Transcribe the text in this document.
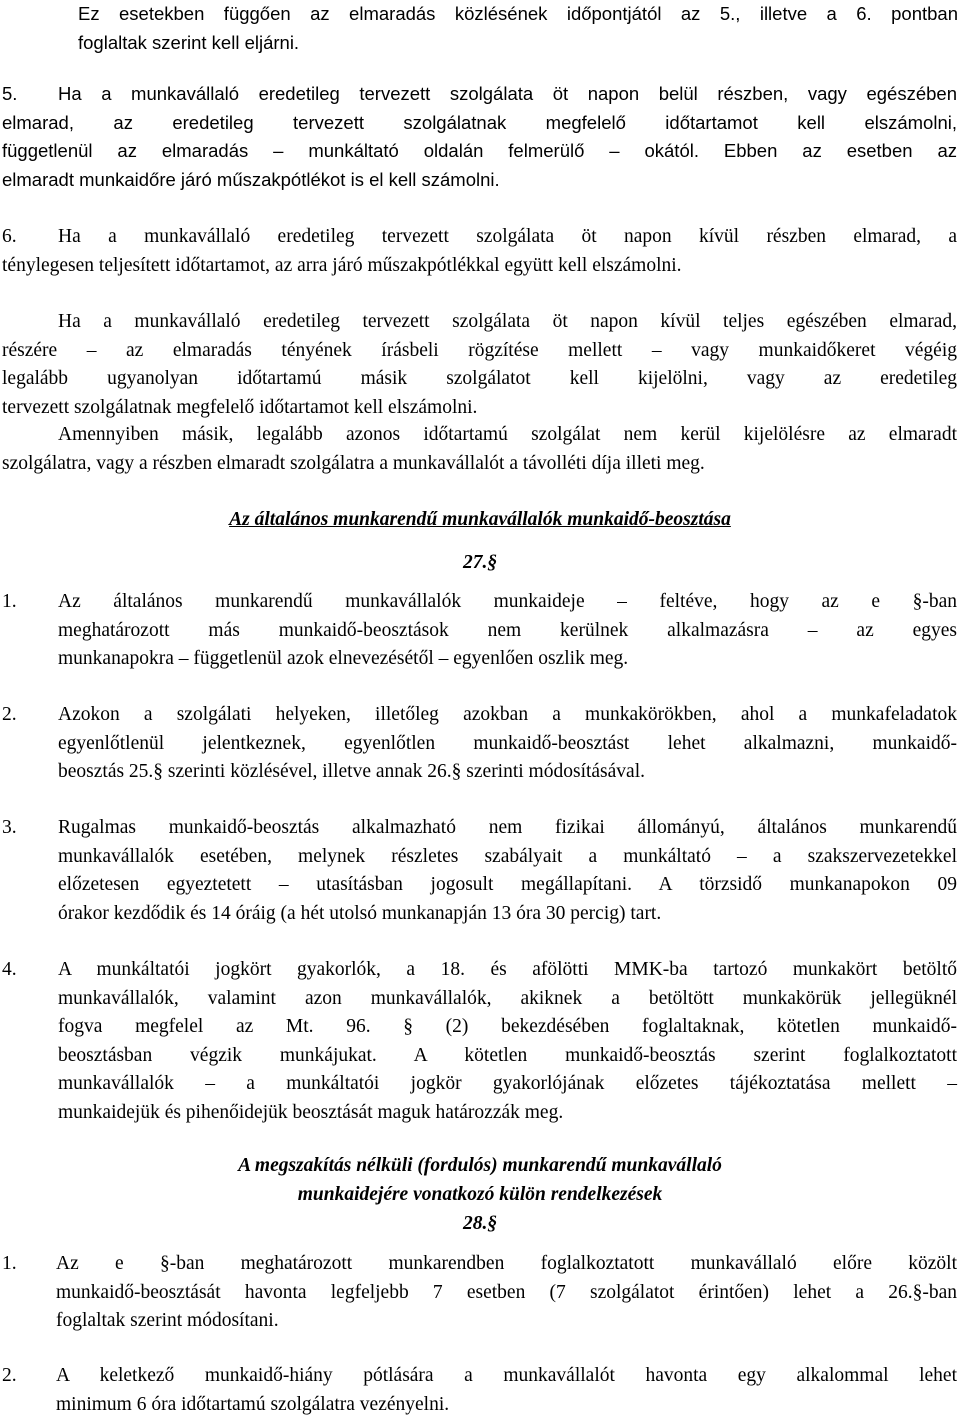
Ez esetekben függően az elmaradás közlésének időpontjától az 5., illetve a 6. pontban
foglaltak szerint kell eljárni.

5.	Ha a munkavállaló eredetileg tervezett szolgálata öt napon belül részben, vagy egészében
elmarad, az eredetileg tervezett szolgálatnak megfelelő időtartamot kell elszámolni,
függetlenül az elmaradás – munkáltató oldalán felmerülő – okától. Ebben az esetben az
elmaradt munkaidőre járó műszakpótlékot is el kell számolni.

6.	Ha a munkavállaló eredetileg tervezett szolgálata öt napon kívül részben elmarad, a
ténylegesen teljesített időtartamot, az arra járó műszakpótlékkal együtt kell elszámolni.
Ha a munkavállaló eredetileg tervezett szolgálata öt napon kívül teljes egészében elmarad,
részére – az elmaradás tényének írásbeli rögzítése mellett – vagy munkaidőkeret végéig
legalább ugyanolyan időtartamú másik szolgálatot kell kijelölni, vagy az eredetileg
tervezett szolgálatnak megfelelő időtartamot kell elszámolni.
Amennyiben másik, legalább azonos időtartamú szolgálat nem kerül kijelölésre az elmaradt
szolgálatra, vagy a részben elmaradt szolgálatra a munkavállalót a távolléti díja illeti meg.

Az általános munkarendű munkavállalók munkaidő-beosztása

27.§

1. Az általános munkarendű munkavállalók munkaideje – feltéve, hogy az e §-ban
meghatározott más munkaidő-beosztások nem kerülnek alkalmazásra – az egyes
munkanapokra – függetlenül azok elnevezésétől – egyenlően oszlik meg.

2. Azokon a szolgálati helyeken, illetőleg azokban a munkakörökben, ahol a munkafeladatok
egyenlőtlenül jelentkeznek, egyenlőtlen munkaidő-beosztást lehet alkalmazni, munkaidő-
beosztás 25.§ szerinti közlésével, illetve annak 26.§ szerinti módosításával.

3. Rugalmas munkaidő-beosztás alkalmazható nem fizikai állományú, általános munkarendű
munkavállalók esetében, melynek részletes szabályait a munkáltató – a szakszervezetekkel
előzetesen egyeztetett – utasításban jogosult megállapítani. A törzsidő munkanapokon 09
órakor kezdődik és 14 óráig (a hét utolsó munkanapján 13 óra 30 percig) tart.

4. A munkáltatói jogkört gyakorlók, a 18. és afölötti MMK-ba tartozó munkakört betöltő
munkavállalók, valamint azon munkavállalók, akiknek a betöltött munkakörük jellegüknél
fogva megfelel az Mt. 96. § (2) bekezdésében foglaltaknak, kötetlen munkaidő-
beosztásban végzik munkájukat. A kötetlen munkaidő-beosztás szerint foglalkoztatott
munkavállalók – a munkáltatói jogkör gyakorlójának előzetes tájékoztatása mellett –
munkaidejük és pihenőidejük beosztását maguk határozzák meg.

A megszakítás nélküli (fordulós) munkarendű munkavállaló

munkaidejére vonatkozó külön rendelkezések

28.§

1. Az e §-ban meghatározott munkarendben foglalkoztatott munkavállaló előre közölt
munkaidő-beosztását havonta legfeljebb 7 esetben (7 szolgálatot érintően) lehet a 26.§-ban
foglaltak szerint módosítani.

2. A keletkező munkaidő-hiány pótlására a munkavállalót havonta egy alkalommal lehet
minimum 6 óra időtartamú szolgálatra vezényelni.
